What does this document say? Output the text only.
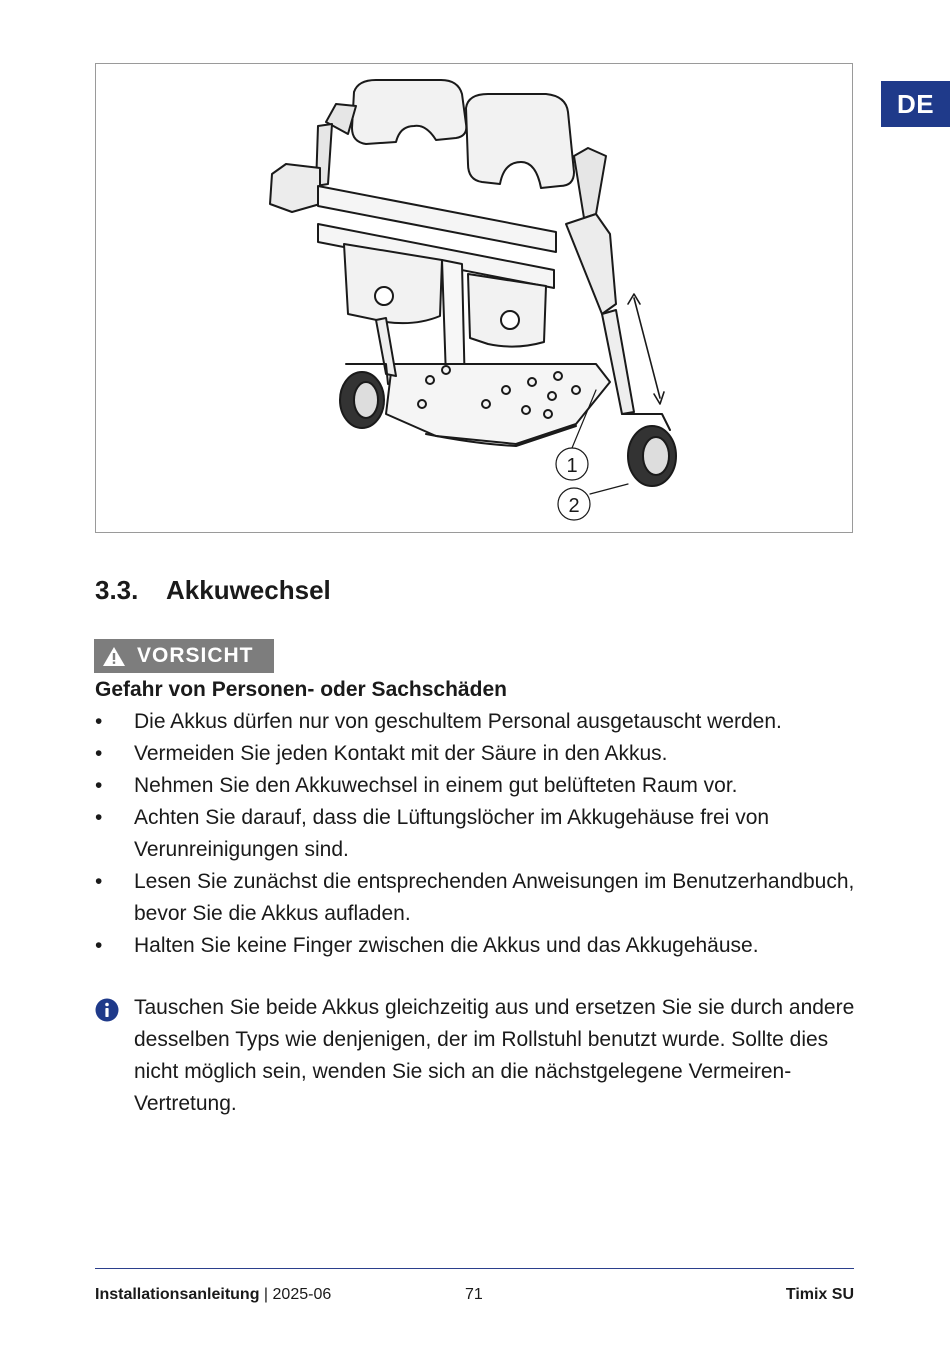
DE
1
2
3.3.	Akkuwechsel
VORSICHT
Gefahr von Personen- oder Sachschäden
• Die Akkus dürfen nur von geschultem Personal ausgetauscht werden.
• Vermeiden Sie jeden Kontakt mit der Säure in den Akkus.
• Nehmen Sie den Akkuwechsel in einem gut belüfteten Raum vor.
• Achten Sie darauf, dass die Lüftungslöcher im Akkugehäuse frei von Verunreinigungen sind.
• Lesen Sie zunächst die entsprechenden Anweisungen im Benutzerhandbuch, bevor Sie die Akkus aufladen.
• Halten Sie keine Finger zwischen die Akkus und das Akkugehäuse.

Tauschen Sie beide Akkus gleichzeitig aus und ersetzen Sie sie durch andere desselben Typs wie denjenigen, der im Rollstuhl benutzt wurde. Sollte dies nicht möglich sein, wenden Sie sich an die nächstgelegene Vermeiren-Vertretung.

Installationsanleitung | 2025-06	71	Timix SU
